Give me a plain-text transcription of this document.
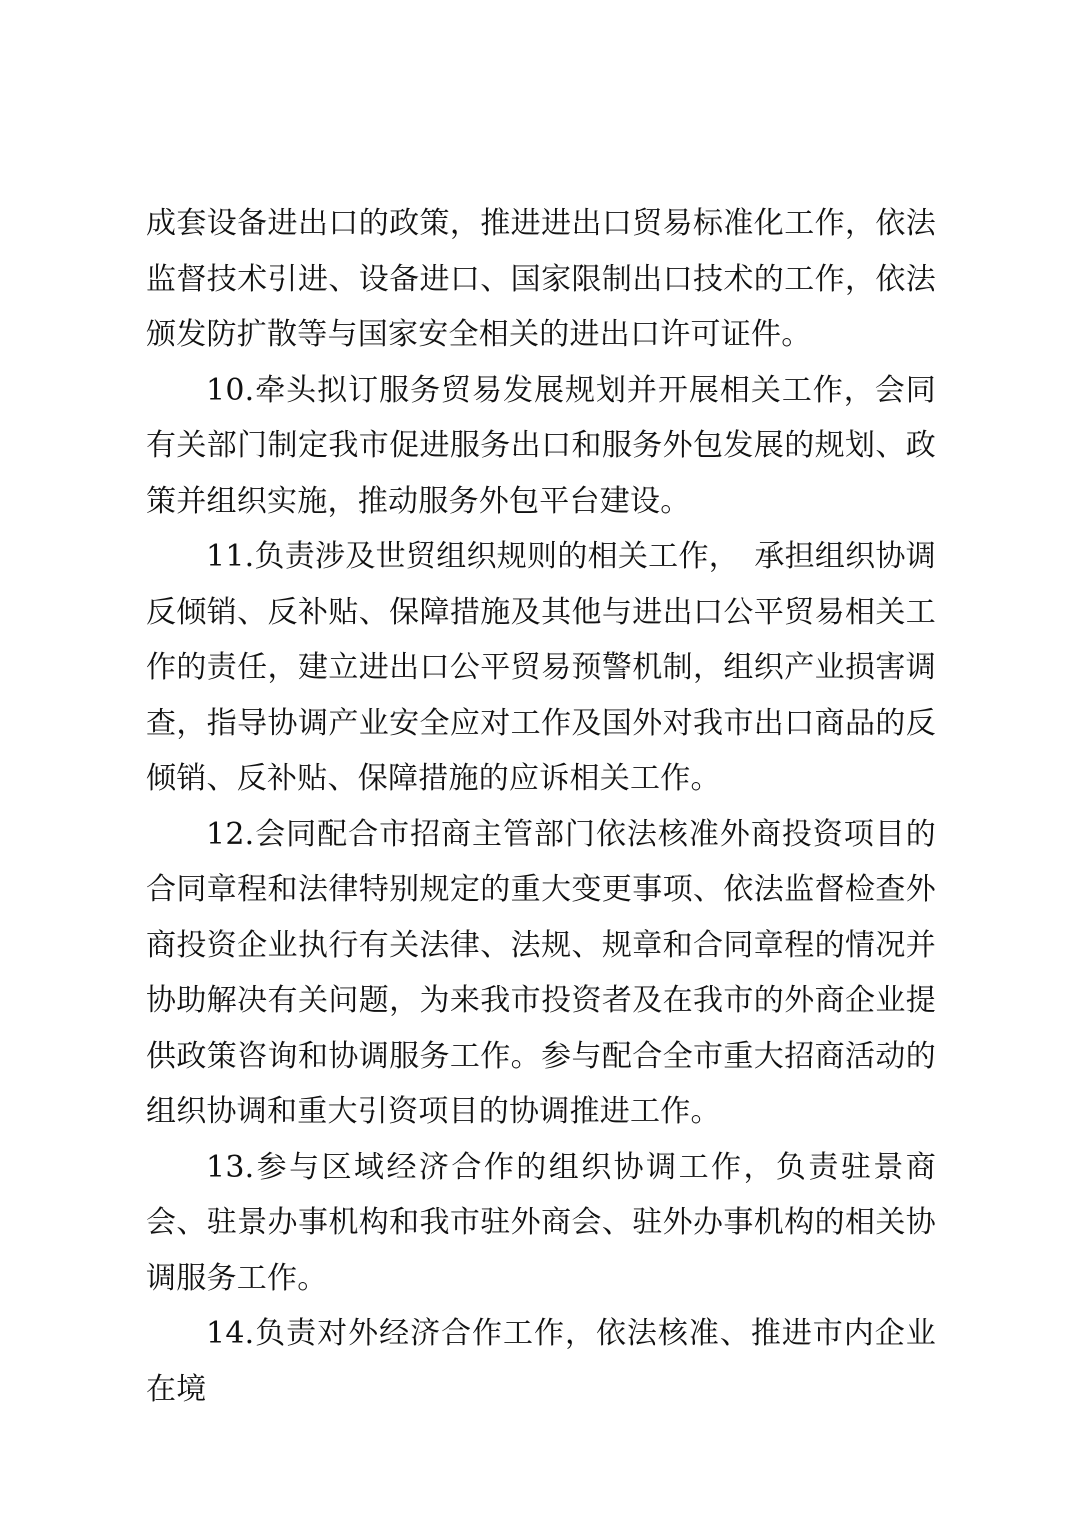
成套设备进出口的政策，推进进出口贸易标准化工作，依法监督技术引进、设备进口、国家限制出口技术的工作，依法颁发防扩散等与国家安全相关的进出口许可证件。

10.牵头拟订服务贸易发展规划并开展相关工作，会同有关部门制定我市促进服务出口和服务外包发展的规划、政策并组织实施，推动服务外包平台建设。

11.负责涉及世贸组织规则的相关工作，　承担组织协调反倾销、反补贴、保障措施及其他与进出口公平贸易相关工作的责任，建立进出口公平贸易预警机制，组织产业损害调查，指导协调产业安全应对工作及国外对我市出口商品的反倾销、反补贴、保障措施的应诉相关工作。

12.会同配合市招商主管部门依法核准外商投资项目的合同章程和法律特别规定的重大变更事项、依法监督检查外商投资企业执行有关法律、法规、规章和合同章程的情况并协助解决有关问题，为来我市投资者及在我市的外商企业提供政策咨询和协调服务工作。参与配合全市重大招商活动的组织协调和重大引资项目的协调推进工作。

13.参与区域经济合作的组织协调工作，负责驻景商会、驻景办事机构和我市驻外商会、驻外办事机构的相关协调服务工作。

14.负责对外经济合作工作，依法核准、推进市内企业在境
